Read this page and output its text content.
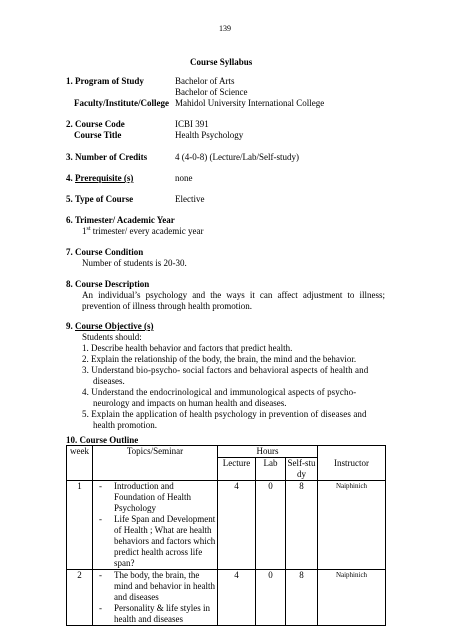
139
Course Syllabus
1. Program of Study	Bachelor of Arts
Bachelor of Science
Faculty/Institute/College Mahidol University International College
2. Course Code	ICBI 391
Course Title	Health Psychology
3. Number of Credits	4 (4-0-8) (Lecture/Lab/Self-study)
4. Prerequisite (s)	none
5. Type of Course	Elective
6. Trimester/ Academic Year
1st trimester/ every academic year
7. Course Condition
Number of students is 20-30.
8. Course Description
An individual’s psychology and the ways it can affect adjustment to illness; prevention of illness through health promotion.
9. Course Objective (s)
Students should:
1. Describe health behavior and factors that predict health.
2. Explain the relationship of the body, the brain, the mind and the behavior.
3. Understand bio-psycho- social factors and behavioral aspects of health and
diseases.
4. Understand the endocrinological and immunological aspects of psycho-
neurology and impacts on human health and diseases.
5. Explain the application of health psychology in prevention of diseases and
health promotion.
10. Course Outline
week	Topics/Seminar	Hours			Instructor
		Lecture	Lab	Self-study	
1	- Introduction and Foundation of Health Psychology
- Life Span and Development of Health ; What are health behaviors and factors which predict health across life span?	4	0	8	Naiphinich
2	- The body, the brain, the mind and behavior in health and diseases
- Personality & life styles in health and diseases	4	0	8	Naiphinich
